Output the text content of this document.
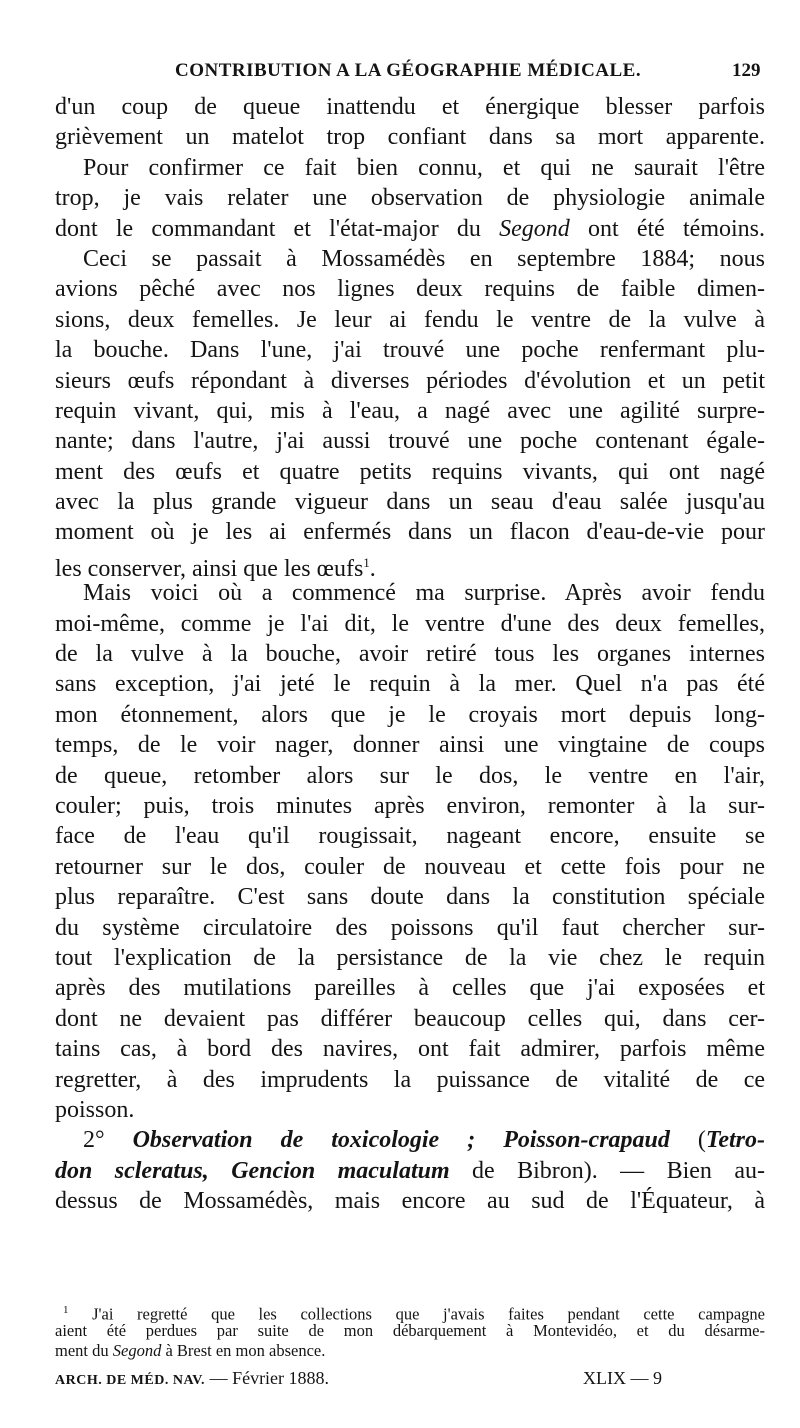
CONTRIBUTION A LA GÉOGRAPHIE MÉDICALE.	129
d'un coup de queue inattendu et énergique blesser parfois
grièvement un matelot trop confiant dans sa mort apparente.
Pour confirmer ce fait bien connu, et qui ne saurait l'être
trop, je vais relater une observation de physiologie animale
dont le commandant et l'état-major du Segond ont été témoins.
Ceci se passait à Mossamédès en septembre 1884; nous
avions pêché avec nos lignes deux requins de faible dimen-
sions, deux femelles. Je leur ai fendu le ventre de la vulve à
la bouche. Dans l'une, j'ai trouvé une poche renfermant plu-
sieurs œufs répondant à diverses périodes d'évolution et un petit
requin vivant, qui, mis à l'eau, a nagé avec une agilité surpre-
nante; dans l'autre, j'ai aussi trouvé une poche contenant égale-
ment des œufs et quatre petits requins vivants, qui ont nagé
avec la plus grande vigueur dans un seau d'eau salée jusqu'au
moment où je les ai enfermés dans un flacon d'eau-de-vie pour
les conserver, ainsi que les œufs$^1$.
Mais voici où a commencé ma surprise. Après avoir fendu
moi-même, comme je l'ai dit, le ventre d'une des deux femelles,
de la vulve à la bouche, avoir retiré tous les organes internes
sans exception, j'ai jeté le requin à la mer. Quel n'a pas été
mon étonnement, alors que je le croyais mort depuis long-
temps, de le voir nager, donner ainsi une vingtaine de coups
de queue, retomber alors sur le dos, le ventre en l'air,
couler; puis, trois minutes après environ, remonter à la sur-
face de l'eau qu'il rougissait, nageant encore, ensuite se
retourner sur le dos, couler de nouveau et cette fois pour ne
plus reparaître. C'est sans doute dans la constitution spéciale
du système circulatoire des poissons qu'il faut chercher sur-
tout l'explication de la persistance de la vie chez le requin
après des mutilations pareilles à celles que j'ai exposées et
dont ne devaient pas différer beaucoup celles qui, dans cer-
tains cas, à bord des navires, ont fait admirer, parfois même
regretter, à des imprudents la puissance de vitalité de ce
poisson.
2° Observation de toxicologie ; Poisson-crapaud (Tetro-
don scleratus, Gencion maculatum de Bibron). — Bien au-
dessus de Mossamédès, mais encore au sud de l'Équateur, à
$^1$ J'ai regretté que les collections que j'avais faites pendant cette campagne
aient été perdues par suite de mon débarquement à Montevidéo, et du désarme-
ment du Segond à Brest en mon absence.
ARCH. DE MÉD. NAV. — Février 1888.	XLIX — 9
